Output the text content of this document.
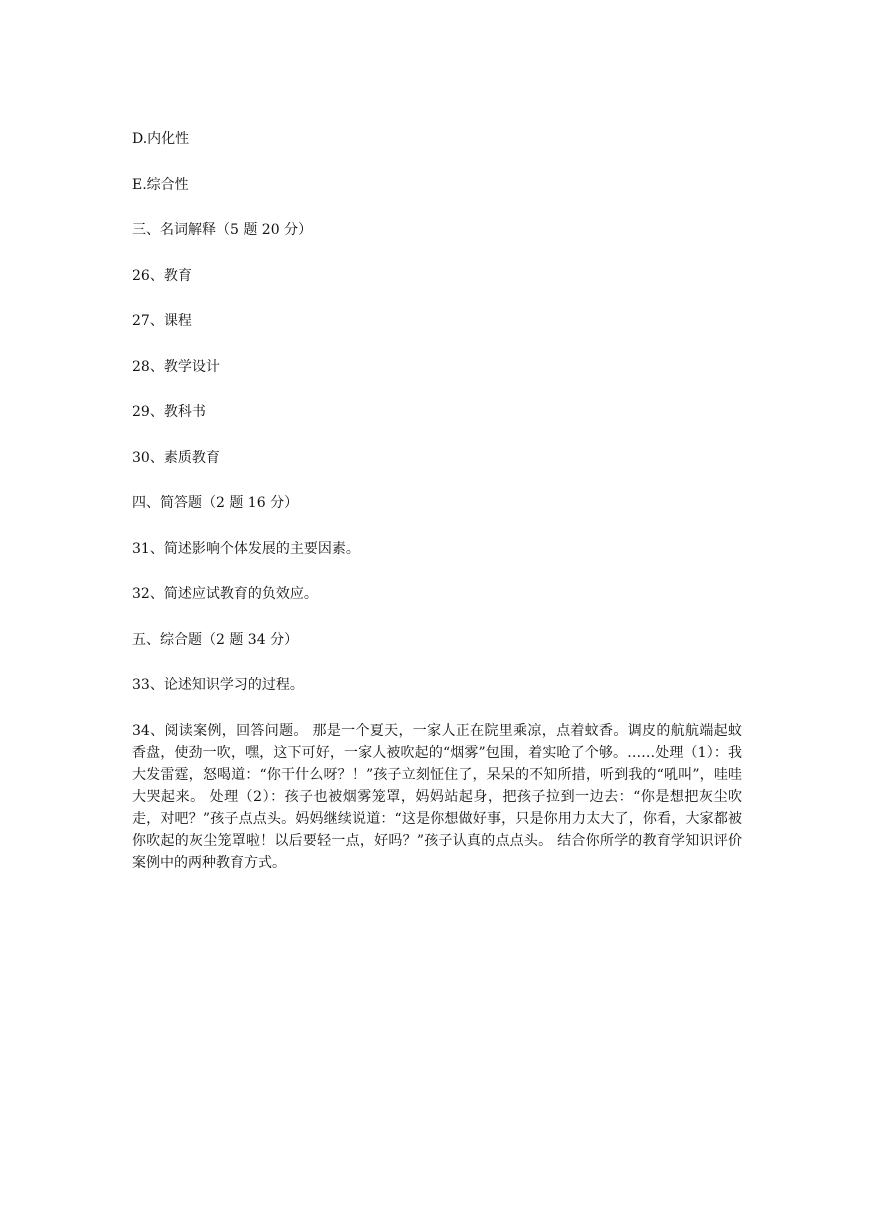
D.内化性

E.综合性

三、名词解释（5 题 20 分）

26、教育

27、课程

28、教学设计

29、教科书

30、素质教育

四、简答题（2 题 16 分）

31、简述影响个体发展的主要因素。

32、简述应试教育的负效应。

五、综合题（2 题 34 分）

33、论述知识学习的过程。

34、阅读案例，回答问题。 那是一个夏天，一家人正在院里乘凉，点着蚊香。调皮的航航端起蚊香盘，使劲一吹，嘿，这下可好，一家人被吹起的“烟雾”包围，着实呛了个够。……处理（1）：我大发雷霆，怒喝道：“你干什么呀？！”孩子立刻怔住了，呆呆的不知所措，听到我的“吼叫”，哇哇大哭起来。 处理（2）：孩子也被烟雾笼罩，妈妈站起身，把孩子拉到一边去：“你是想把灰尘吹走，对吧？”孩子点点头。妈妈继续说道：“这是你想做好事，只是你用力太大了，你看，大家都被你吹起的灰尘笼罩啦！以后要轻一点，好吗？”孩子认真的点点头。 结合你所学的教育学知识评价案例中的两种教育方式。
